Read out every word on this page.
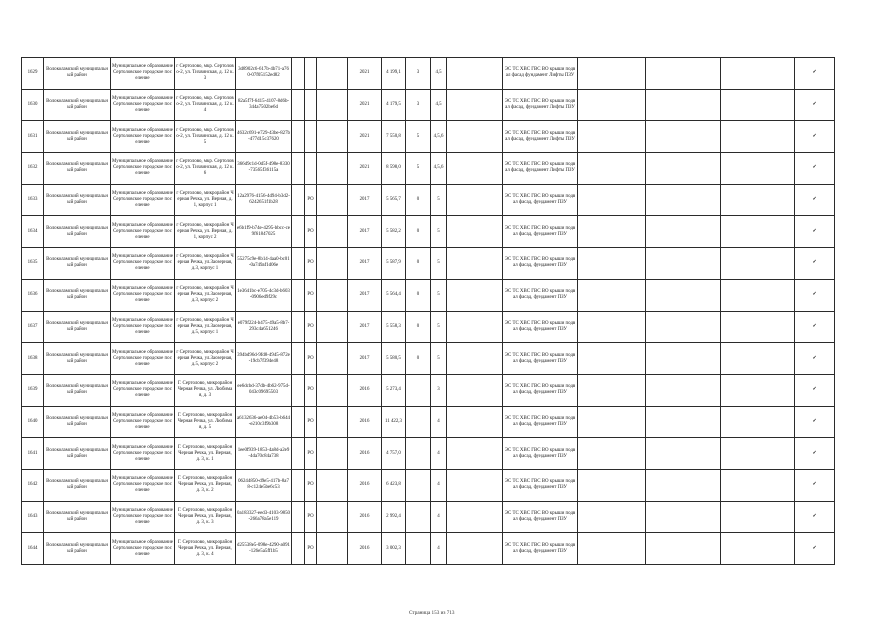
1629	Волоколамский муниципальный район	Муниципальное образование Сертоловское городское поселение	г Сертолово, мкр. Сертолово-2, ул. Тихвинская, д. 12 к. 3	3d8902c6-617b-4b71-a760-07f05152ed82				2021	4 199,1	3	4,5		ЭС ТС ХВС ГВС ВО крыши подвал фасад фундамент Лифты ПЗУ				✓
1630	Волоколамский муниципальный район	Муниципальное образование Сертоловское городское поселение	г Сертолово, мкр. Сертолово-2, ул. Тихвинская, д. 12 к. 4	82a5f7f-6415-4107-8d6b-344a7502be6d				2021	4 179,5	3	4,5		ЭС ТС ХВС ГВС ВО крыши подвал фасад, фундамент Лифты ПЗУ				✓
1631	Волоколамский муниципальный район	Муниципальное образование Сертоловское городское поселение	г Сертолово, мкр. Сертолово-2, ул. Тихвинская, д. 12 к. 5	4632c691-e729-43be-827b-477d15c37620				2021	7 550,8	5	4,5,6		ЭС ТС ХВС ГВС ВО крыши подвал фасад, фундамент Лифты ПЗУ				✓
1632	Волоколамский муниципальный район	Муниципальное образование Сертоловское городское поселение	г Сертолово, мкр. Сертолово-2, ул. Тихвинская, д. 12 к. 6	366d9c1d-0d5f-498e-8330-73565f36115a				2021	8 598,0	5	4,5,6		ЭС ТС ХВС ГВС ВО крыши подвал фасад, фундамент Лифты ПЗУ				✓
1633	Волоколамский муниципальный район	Муниципальное образование Сертоловское городское поселение	г Сертолово, микрорайон Черная Речка, ул. Верная, д.1, корпус 1	12a2976-4156-4d94-b3d2-6242651f1b28		РО		2017	5 565,7	0	5		ЭС ТС ХВС ГВС ВО крыши подвал фасад, фундамент ПЗУ				✓
1634	Волоколамский муниципальный район	Муниципальное образование Сертоловское городское поселение	г Сертолово, микрорайон Черная Речка, ул. Верная, д.1, корпус 2	e6b1f9-b74e-4295-bbcc-ce9f61847025		РО		2017	5 582,2	0	5		ЭС ТС ХВС ГВС ВО крыши подвал фасад, фундамент ПЗУ				✓
1635	Волоколамский муниципальный район	Муниципальное образование Сертоловское городское поселение	г Сертолово, микрорайон Черная Речка, ул.Заозерная, д.3, корпус 1	55275c9e-8b14-4aa0-bc01-0a749af1d06e		РО		2017	5 587,9	0	5		ЭС ТС ХВС ГВС ВО крыши подвал фасад, фундамент ПЗУ				✓
1636	Волоколамский муниципальный район	Муниципальное образование Сертоловское городское поселение	г Сертолово, микрорайон Черная Речка, ул.Заозерная, д.3, корпус 2	1e3641bc-e705-4c3d-b603-0906ed9f29c		РО		2017	5 564,4	0	5		ЭС ТС ХВС ГВС ВО крыши подвал фасад, фундамент ПЗУ				✓
1637	Волоколамский муниципальный район	Муниципальное образование Сертоловское городское поселение	г Сертолово, микрорайон Черная Речка, ул.Заозерная, д.5, корпус 1	e079f224-b475-49a5-8b7-293c4a651246		РО		2017	5 558,3	0	5		ЭС ТС ХВС ГВС ВО крыши подвал фасад, фундамент ПЗУ				✓
1638	Волоколамский муниципальный район	Муниципальное образование Сертоловское городское поселение	г Сертолово, микрорайон Черная Речка, ул.Заозерная, д.5, корпус 2	394bd96d-9fd8-4945-872e-19cb7f394e48		РО		2017	5 580,5	0	5		ЭС ТС ХВС ГВС ВО крыши подвал фасад, фундамент ПЗУ				✓
1639	Волоколамский муниципальный район	Муниципальное образование Сертоловское городское поселение	Г. Сертолово, микрорайон Черная Речка, ул. Любимая, д. 3	ee6dcbd-37db-4b62-975d-043c09695503		РО		2016	5 273,4		3		ЭС ТС ХВС ГВС ВО крыши подвал фасад, фундамент ПЗУ				✓
1640	Волоколамский муниципальный район	Муниципальное образование Сертоловское городское поселение	Г. Сертолово, микрорайон Черная Речка, ул. Любимая, д. 5	a6132636-ae04-4b53-b644-e210c3f9b308		РО		2016	11 422,3		4		ЭС ТС ХВС ГВС ВО крыши подвал фасад, фундамент ПЗУ				✓
1641	Волоколамский муниципальный район	Муниципальное образование Сертоловское городское поселение	Г. Сертолово, микрорайон Черная Речка, ул. Верная, д. 3, к. 1	1ee0f939-1853-4a8d-a2e9-4da70c84a738		РО		2016	4 757,0		4		ЭС ТС ХВС ГВС ВО крыши подвал фасад, фундамент ПЗУ				✓
1642	Волоколамский муниципальный район	Муниципальное образование Сертоловское городское поселение	Г. Сертолово, микрорайон Черная Речка, ул. Верная, д. 3, к. 2	06244850-d9e5-417b-8a78-c124e5be6c53		РО		2016	6 423,8		4		ЭС ТС ХВС ГВС ВО крыши подвал фасад, фундамент ПЗУ				✓
1643	Волоколамский муниципальный район	Муниципальное образование Сертоловское городское поселение	Г. Сертолово, микрорайон Черная Речка, ул. Верная, д. 3, к. 3	0a183327-eed3-4103-9850-266a78a5e119		РО		2016	2 992,4		4		ЭС ТС ХВС ГВС ВО крыши подвал фасад, фундамент ПЗУ				✓
1644	Волоколамский муниципальный район	Муниципальное образование Сертоловское городское поселение	Г. Сертолово, микрорайон Черная Речка, ул. Верная, д. 3, к. 4	d25538e5-098e-4290-a091-126e5a5ff1b5		РО		2016	3 002,3		4		ЭС ТС ХВС ГВС ВО крыши подвал фасад, фундамент ПЗУ				✓
Страница 153 из 713
